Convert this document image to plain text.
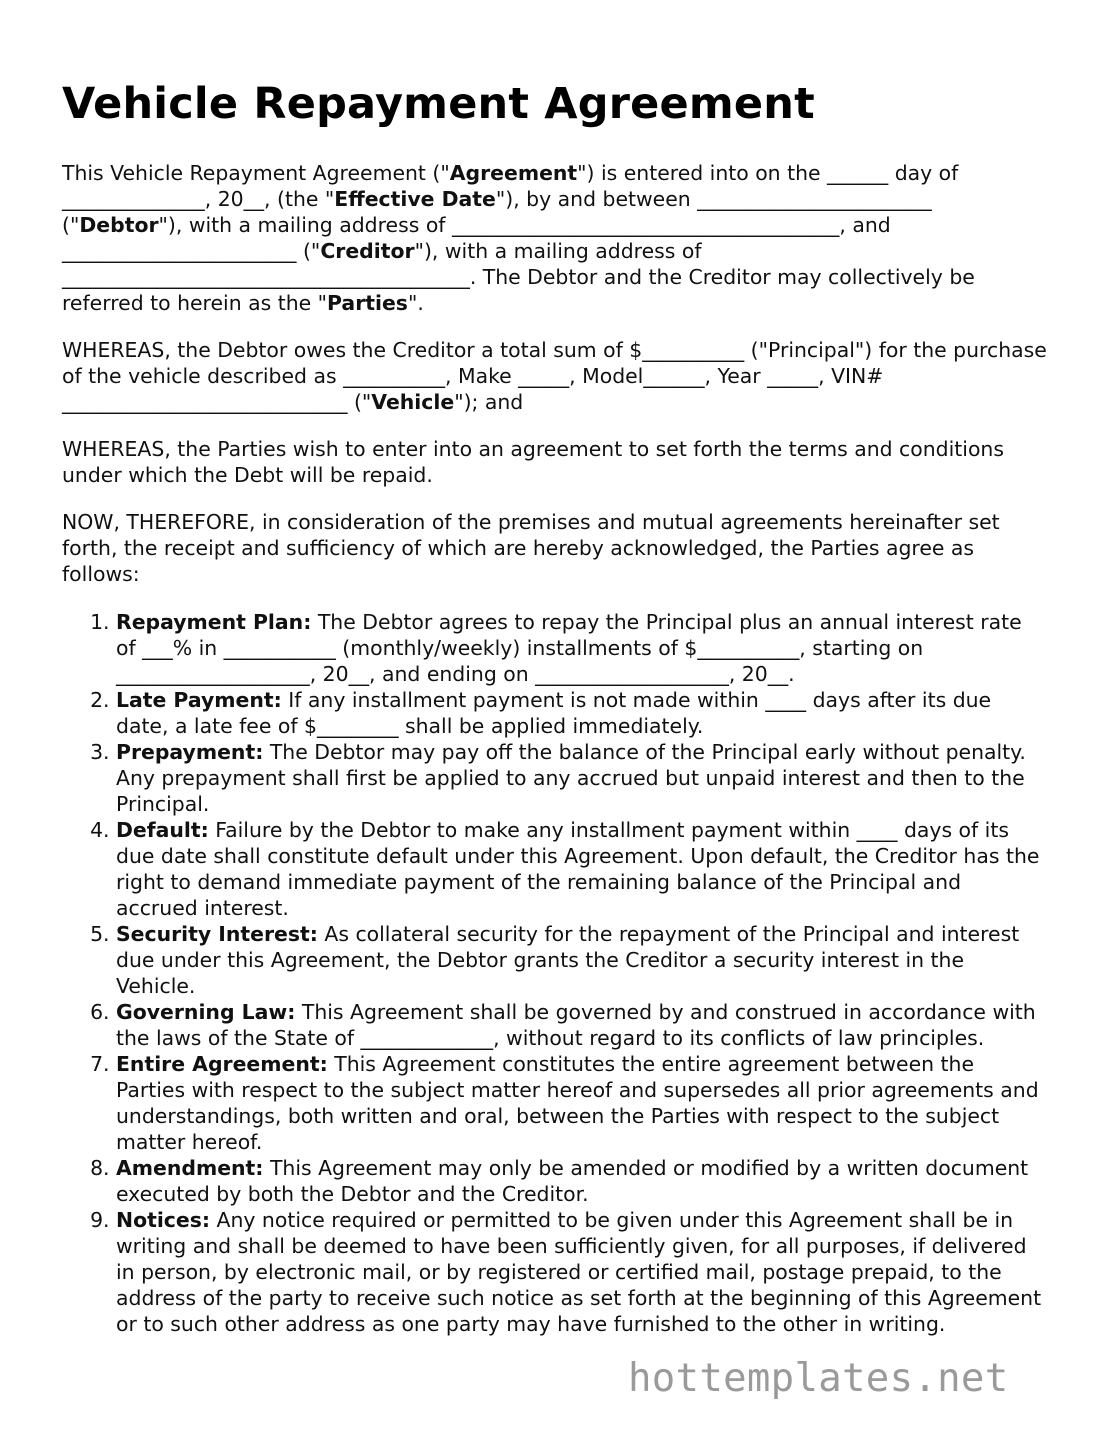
Vehicle Repayment Agreement

This Vehicle Repayment Agreement ("Agreement") is entered into on the ______ day of ______________, 20__, (the "Effective Date"), by and between _______________________ ("Debtor"), with a mailing address of ______________________________________, and _______________________ ("Creditor"), with a mailing address of ________________________________________. The Debtor and the Creditor may collectively be referred to herein as the "Parties".

WHEREAS, the Debtor owes the Creditor a total sum of $__________ ("Principal") for the purchase of the vehicle described as __________, Make _____, Model______, Year _____, VIN# ____________________________ ("Vehicle"); and

WHEREAS, the Parties wish to enter into an agreement to set forth the terms and conditions under which the Debt will be repaid.

NOW, THEREFORE, in consideration of the premises and mutual agreements hereinafter set forth, the receipt and sufficiency of which are hereby acknowledged, the Parties agree as follows:

1. Repayment Plan: The Debtor agrees to repay the Principal plus an annual interest rate of ___% in ___________ (monthly/weekly) installments of $__________, starting on ___________________, 20__, and ending on ___________________, 20__.
2. Late Payment: If any installment payment is not made within ____ days after its due date, a late fee of $________ shall be applied immediately.
3. Prepayment: The Debtor may pay off the balance of the Principal early without penalty. Any prepayment shall first be applied to any accrued but unpaid interest and then to the Principal.
4. Default: Failure by the Debtor to make any installment payment within ____ days of its due date shall constitute default under this Agreement. Upon default, the Creditor has the right to demand immediate payment of the remaining balance of the Principal and accrued interest.
5. Security Interest: As collateral security for the repayment of the Principal and interest due under this Agreement, the Debtor grants the Creditor a security interest in the Vehicle.
6. Governing Law: This Agreement shall be governed by and construed in accordance with the laws of the State of _____________, without regard to its conflicts of law principles.
7. Entire Agreement: This Agreement constitutes the entire agreement between the Parties with respect to the subject matter hereof and supersedes all prior agreements and understandings, both written and oral, between the Parties with respect to the subject matter hereof.
8. Amendment: This Agreement may only be amended or modified by a written document executed by both the Debtor and the Creditor.
9. Notices: Any notice required or permitted to be given under this Agreement shall be in writing and shall be deemed to have been sufficiently given, for all purposes, if delivered in person, by electronic mail, or by registered or certified mail, postage prepaid, to the address of the party to receive such notice as set forth at the beginning of this Agreement or to such other address as one party may have furnished to the other in writing.
hottemplates.net
